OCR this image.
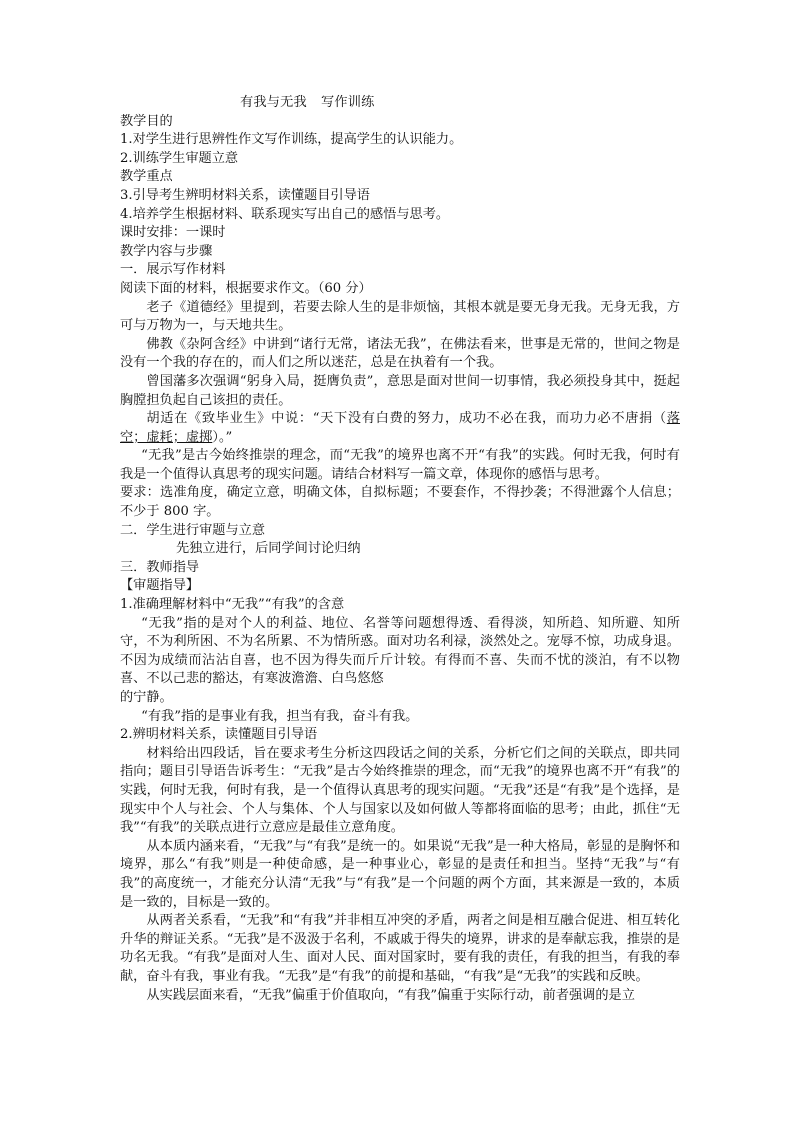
有我与无我 写作训练
教学目的
1.对学生进行思辨性作文写作训练，提高学生的认识能力。
2.训练学生审题立意
教学重点
3.引导考生辨明材料关系，读懂题目引导语
4.培养学生根据材料、联系现实写出自己的感悟与思考。
课时安排：一课时
教学内容与步骤
一．展示写作材料
阅读下面的材料，根据要求作文。（60 分）

老子《道德经》里提到，若要去除人生的是非烦恼，其根本就是要无身无我。无身无我，方可与万物为一，与天地共生。

佛教《杂阿含经》中讲到“诸行无常，诸法无我”，在佛法看来，世事是无常的，世间之物是没有一个我的存在的，而人们之所以迷茫，总是在执着有一个我。

曾国藩多次强调“躬身入局，挺膺负责”，意思是面对世间一切事情，我必须投身其中，挺起胸膛担负起自己该担的责任。

胡适在《致毕业生》中说：“天下没有白费的努力，成功不必在我，而功力必不唐捐（落空；虚耗；虚掷）。”

“无我”是古今始终推崇的理念，而“无我”的境界也离不开“有我”的实践。何时无我，何时有我是一个值得认真思考的现实问题。请结合材料写一篇文章，体现你的感悟与思考。

要求：选准角度，确定立意，明确文体，自拟标题；不要套作，不得抄袭；不得泄露个人信息；不少于 800 字。

二．学生进行审题与立意
先独立进行，后同学间讨论归纳
三．教师指导
【审题指导】
1.准确理解材料中“无我”“有我”的含意

“无我”指的是对个人的利益、地位、名誉等问题想得透、看得淡，知所趋、知所避、知所守，不为利所困、不为名所累、不为情所惑。面对功名利禄，淡然处之。宠辱不惊，功成身退。不因为成绩而沾沾自喜，也不因为得失而斤斤计较。有得而不喜、失而不忧的淡泊，有不以物喜、不以己悲的豁达，有寒波澹澹、白鸟悠悠

的宁静。

“有我”指的是事业有我，担当有我，奋斗有我。

2.辨明材料关系，读懂题目引导语

材料给出四段话，旨在要求考生分析这四段话之间的关系，分析它们之间的关联点，即共同指向；题目引导语告诉考生：“无我”是古今始终推崇的理念，而“无我”的境界也离不开“有我”的实践，何时无我，何时有我，是一个值得认真思考的现实问题。“无我”还是“有我”是个选择，是现实中个人与社会、个人与集体、个人与国家以及如何做人等都将面临的思考；由此，抓住“无我”“有我”的关联点进行立意应是最佳立意角度。

从本质内涵来看，“无我”与“有我”是统一的。如果说“无我”是一种大格局，彰显的是胸怀和境界，那么“有我”则是一种使命感，是一种事业心，彰显的是责任和担当。坚持“无我”与“有我”的高度统一，才能充分认清“无我”与“有我”是一个问题的两个方面，其来源是一致的，本质是一致的，目标是一致的。

从两者关系看，“无我”和“有我”并非相互冲突的矛盾，两者之间是相互融合促进、相互转化升华的辩证关系。“无我”是不汲汲于名利，不戚戚于得失的境界，讲求的是奉献忘我，推崇的是功名无我。“有我”是面对人生、面对人民、面对国家时，要有我的责任，有我的担当，有我的奉献，奋斗有我，事业有我。“无我”是“有我”的前提和基础，“有我”是“无我”的实践和反映。

从实践层面来看，“无我”偏重于价值取向，“有我”偏重于实际行动，前者强调的是立
